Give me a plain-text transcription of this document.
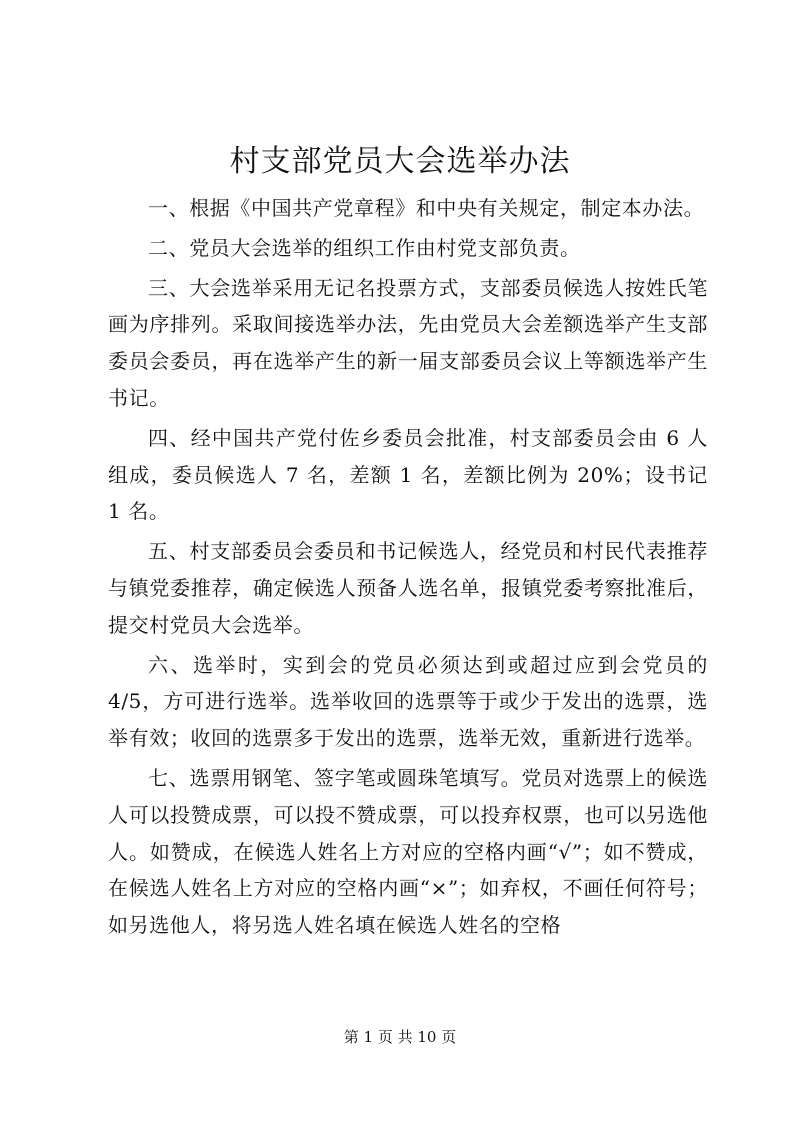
村支部党员大会选举办法

一、根据《中国共产党章程》和中央有关规定，制定本办法。

二、党员大会选举的组织工作由村党支部负责。

三、大会选举采用无记名投票方式，支部委员候选人按姓氏笔画为序排列。采取间接选举办法，先由党员大会差额选举产生支部委员会委员，再在选举产生的新一届支部委员会议上等额选举产生书记。

四、经中国共产党付佐乡委员会批准，村支部委员会由 6 人组成，委员候选人 7 名，差额 1 名，差额比例为 20%；设书记 1 名。

五、村支部委员会委员和书记候选人，经党员和村民代表推荐与镇党委推荐，确定候选人预备人选名单，报镇党委考察批准后，提交村党员大会选举。

六、选举时，实到会的党员必须达到或超过应到会党员的 4/5，方可进行选举。选举收回的选票等于或少于发出的选票，选举有效；收回的选票多于发出的选票，选举无效，重新进行选举。

七、选票用钢笔、签字笔或圆珠笔填写。党员对选票上的候选人可以投赞成票，可以投不赞成票，可以投弃权票，也可以另选他人。如赞成，在候选人姓名上方对应的空格内画“√”；如不赞成，在候选人姓名上方对应的空格内画“×”；如弃权，不画任何符号；如另选他人，将另选人姓名填在候选人姓名的空格

第 1 页 共 10 页
